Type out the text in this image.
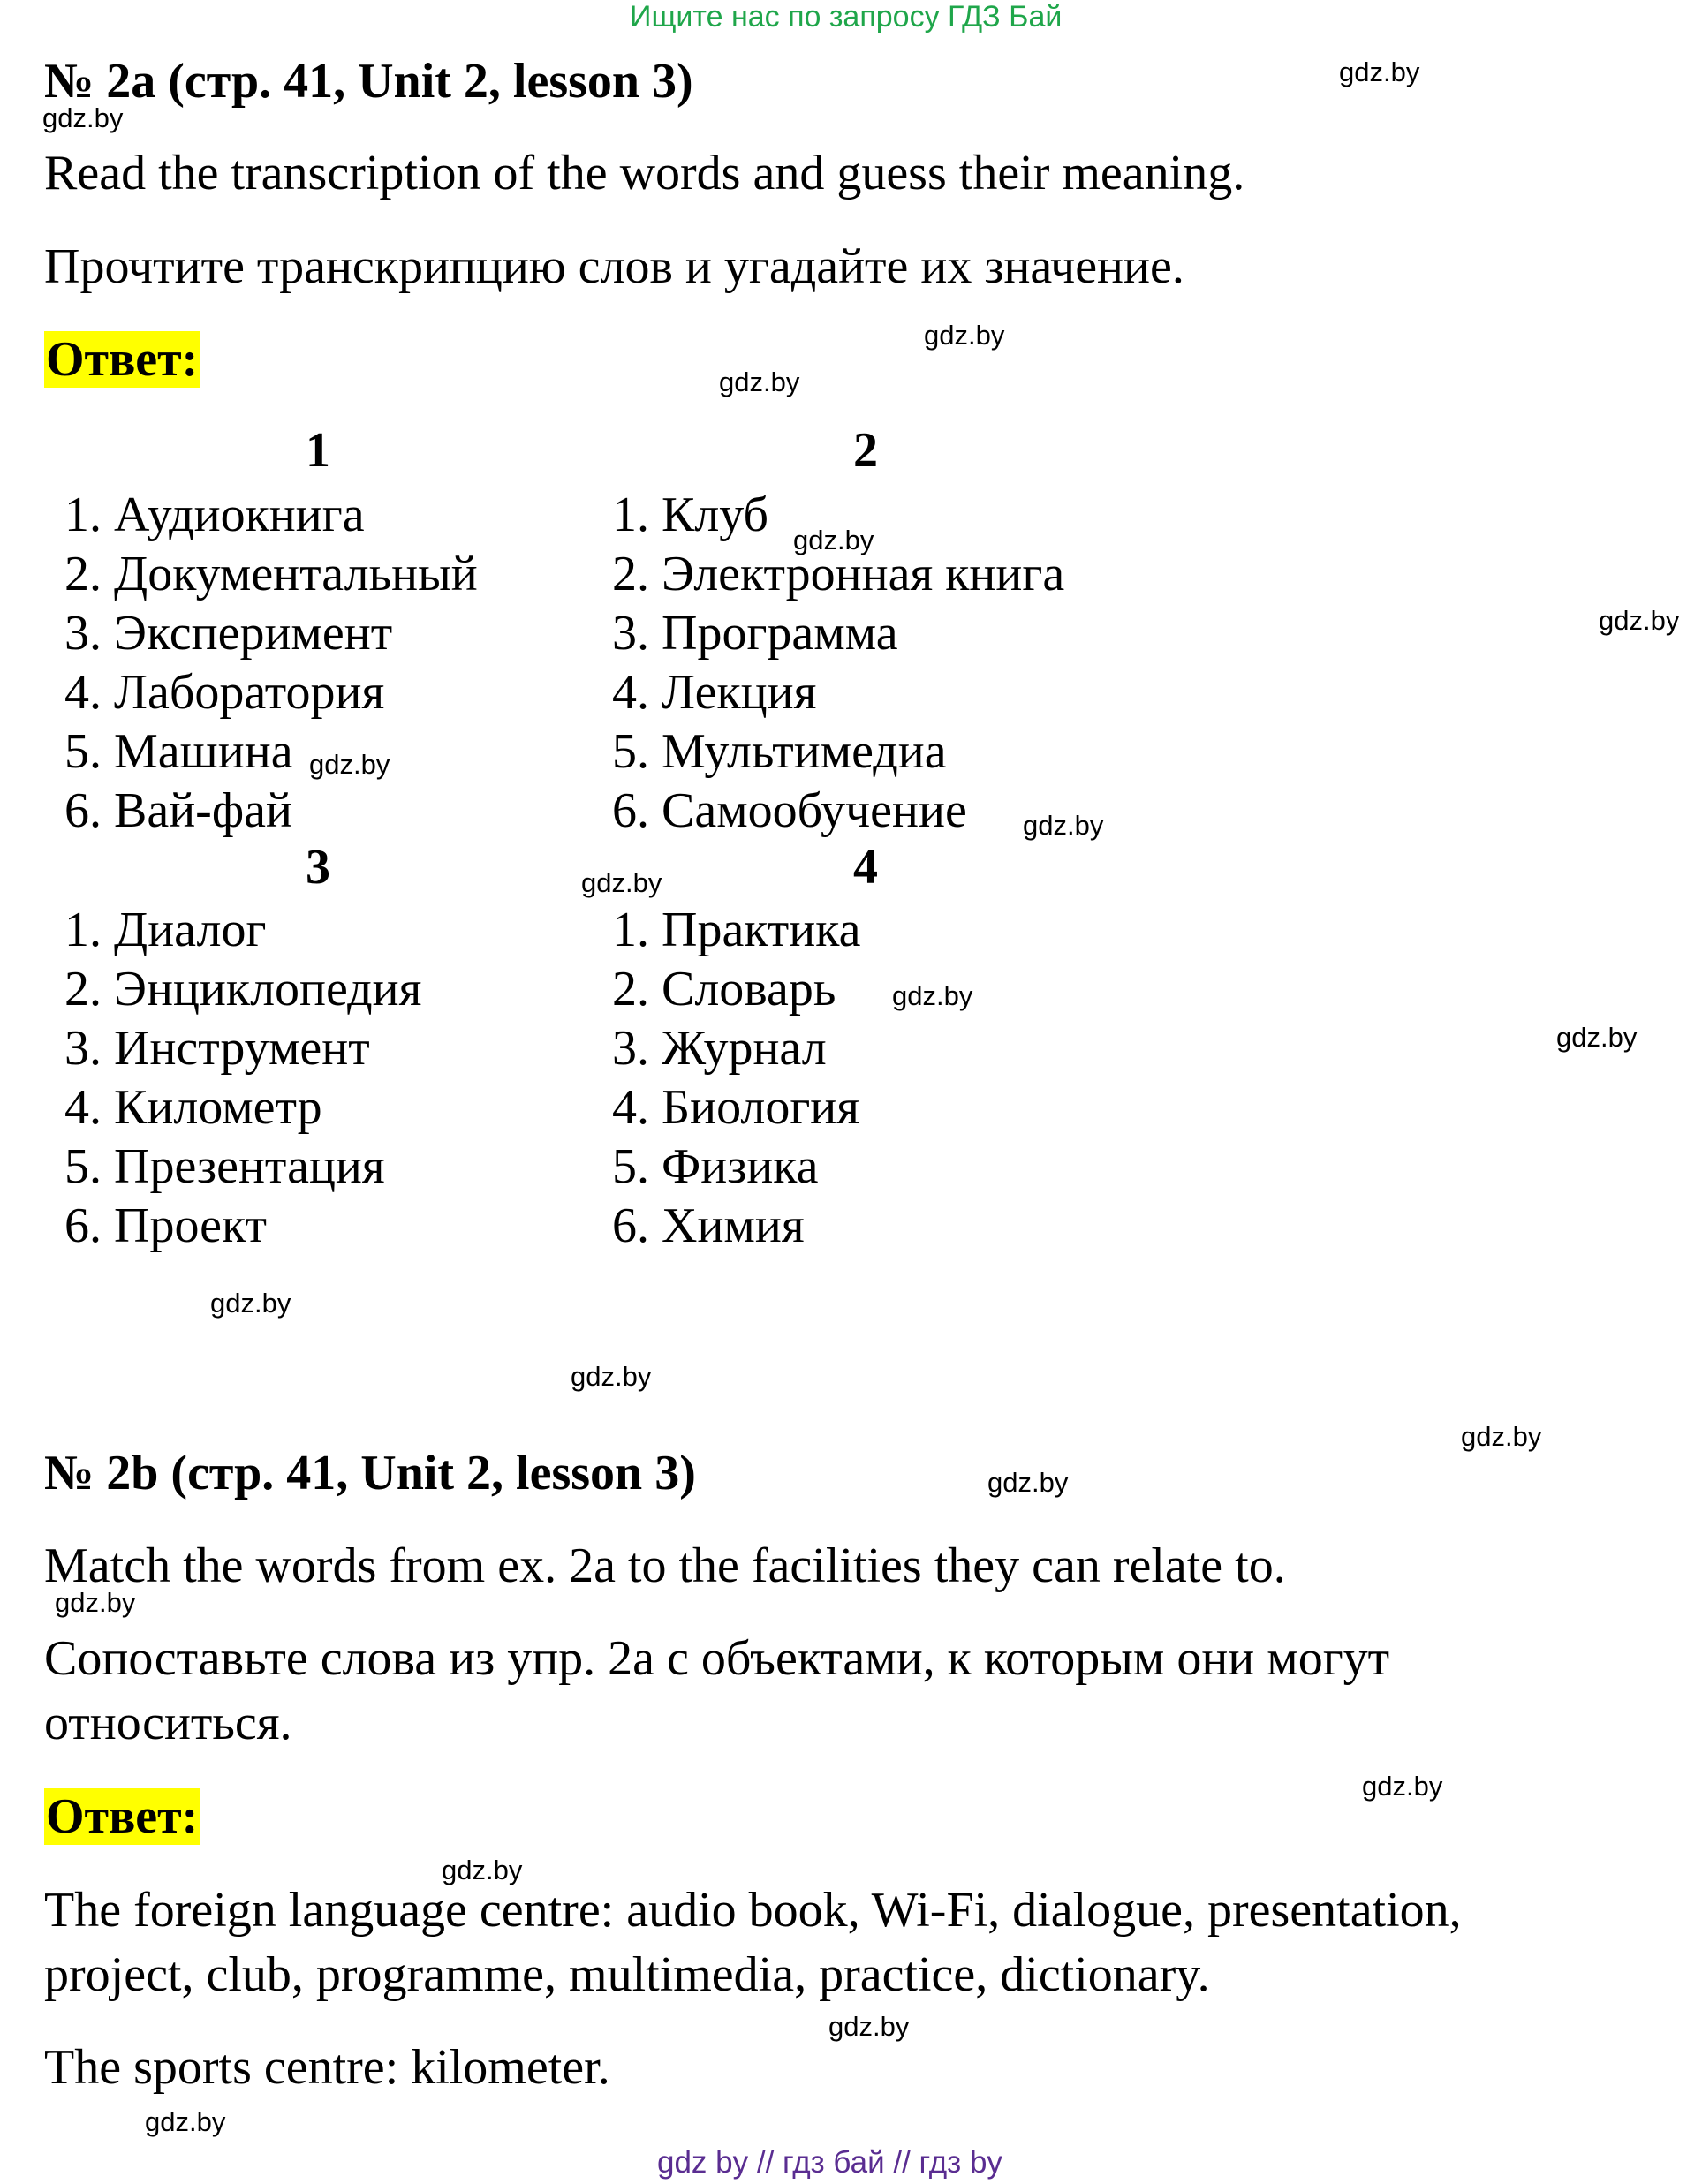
Ищите нас по запросу ГДЗ Бай
№ 2a (стр. 41, Unit 2, lesson 3)
Read the transcription of the words and guess their meaning.
Прочтите транскрипцию слов и угадайте их значение.
Ответ:
1
1. Аудиокнига
2. Документальный
3. Эксперимент
4. Лаборатория
5. Машина
6. Вай-фай
2
1. Клуб
2. Электронная книга
3. Программа
4. Лекция
5. Мультимедиа
6. Самообучение
3
1. Диалог
2. Энциклопедия
3. Инструмент
4. Километр
5. Презентация
6. Проект
4
1. Практика
2. Словарь
3. Журнал
4. Биология
5. Физика
6. Химия
№ 2b (стр. 41, Unit 2, lesson 3)
Match the words from ex. 2a to the facilities they can relate to.
Сопоставьте слова из упр. 2а с объектами, к которым они могут
относиться.
Ответ:
The foreign language centre: audio book, Wi-Fi, dialogue, presentation,
project, club, programme, multimedia, practice, dictionary.
The sports centre: kilometer.
gdz.by
gdz.by
gdz.by
gdz.by
gdz.by
gdz.by
gdz.by
gdz.by
gdz.by
gdz.by
gdz.by
gdz.by
gdz.by
gdz.by
gdz.by
gdz.by
gdz.by
gdz.by
gdz.by
gdz.by
gdz by // гдз бай // гдз by
